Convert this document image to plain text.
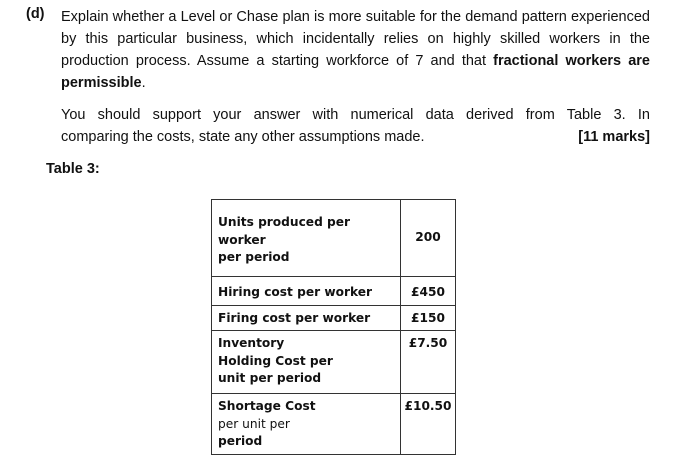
(d) Explain whether a Level or Chase plan is more suitable for the demand pattern experienced by this particular business, which incidentally relies on highly skilled workers in the production process. Assume a starting workforce of 7 and that fractional workers are permissible.

You should support your answer with numerical data derived from Table 3. In
comparing the costs, state any other assumptions made.	[11 marks]
Table 3:
Units produced per worker
per period	200
Hiring cost per worker	£450
Firing cost per worker	£150
Inventory
Holding Cost per
unit per period	£7.50
Shortage Cost
per unit per
period	£10.50
